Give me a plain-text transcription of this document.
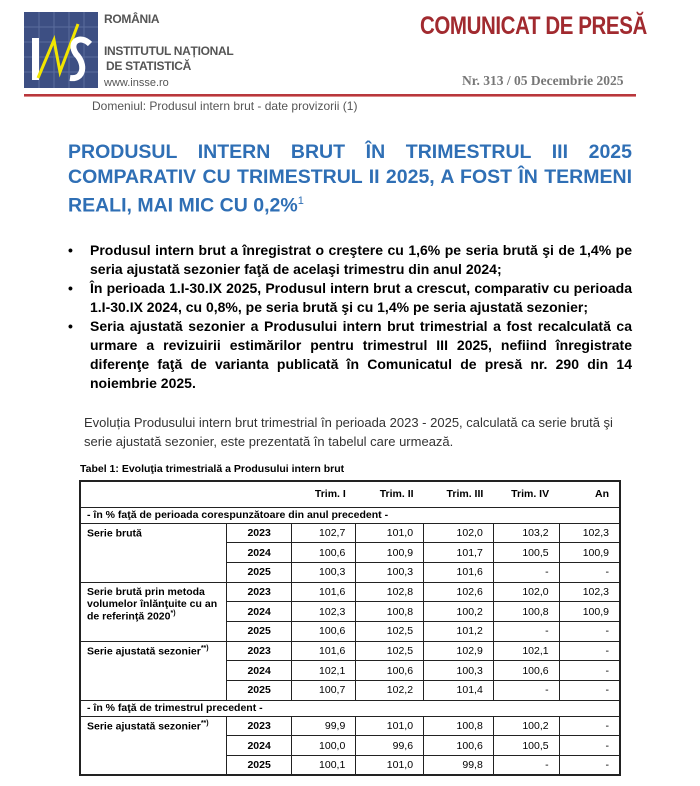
ROMÂNIA
INSTITUTUL NAȚIONAL
DE STATISTICĂ
www.insse.ro
COMUNICAT DE PRESĂ
Nr. 313 / 05 Decembrie 2025
Domeniul: Produsul intern brut - date provizorii (1)
PRODUSUL INTERN BRUT ÎN TRIMESTRUL III 2025 COMPARATIV CU TRIMESTRUL II 2025, A FOST ÎN TERMENI REALI, MAI MIC CU 0,2%$^1$
• Produsul intern brut a înregistrat o creştere cu 1,6% pe seria brută şi de 1,4% pe seria ajustată sezonier faţă de acelaşi trimestru din anul 2024;
• În perioada 1.I-30.IX 2025, Produsul intern brut a crescut, comparativ cu perioada 1.I-30.IX 2024, cu 0,8%, pe seria brută şi cu 1,4% pe seria ajustată sezonier;
• Seria ajustată sezonier a Produsului intern brut trimestrial a fost recalculată ca urmare a revizuirii estimărilor pentru trimestrul III 2025, nefiind înregistrate diferenţe faţă de varianta publicată în Comunicatul de presă nr. 290 din 14 noiembrie 2025.
Evoluția Produsului intern brut trimestrial în perioada 2023 - 2025, calculată ca serie brută şi serie ajustată sezonier, este prezentată în tabelul care urmează.
Tabel 1: Evoluţia trimestrială a Produsului intern brut
		Trim. I	Trim. II	Trim. III	Trim. IV	An
- în % faţă de perioada corespunzătoare din anul precedent -						
Serie brută	2023	102,7	101,0	102,0	103,2	102,3
	2024	100,6	100,9	101,7	100,5	100,9
	2025	100,3	100,3	101,6	-	-
Serie brută prin metoda volumelor înlănţuite cu an de referinţă 2020*)	2023	101,6	102,8	102,6	102,0	102,3
	2024	102,3	100,8	100,2	100,8	100,9
	2025	100,6	102,5	101,2	-	-
Serie ajustată sezonier**)	2023	101,6	102,5	102,9	102,1	-
	2024	102,1	100,6	100,3	100,6	-
	2025	100,7	102,2	101,4	-	-
- în % faţă de trimestrul precedent -						
Serie ajustată sezonier**)	2023	99,9	101,0	100,8	100,2	-
	2024	100,0	99,6	100,6	100,5	-
	2025	100,1	101,0	99,8	-	-
